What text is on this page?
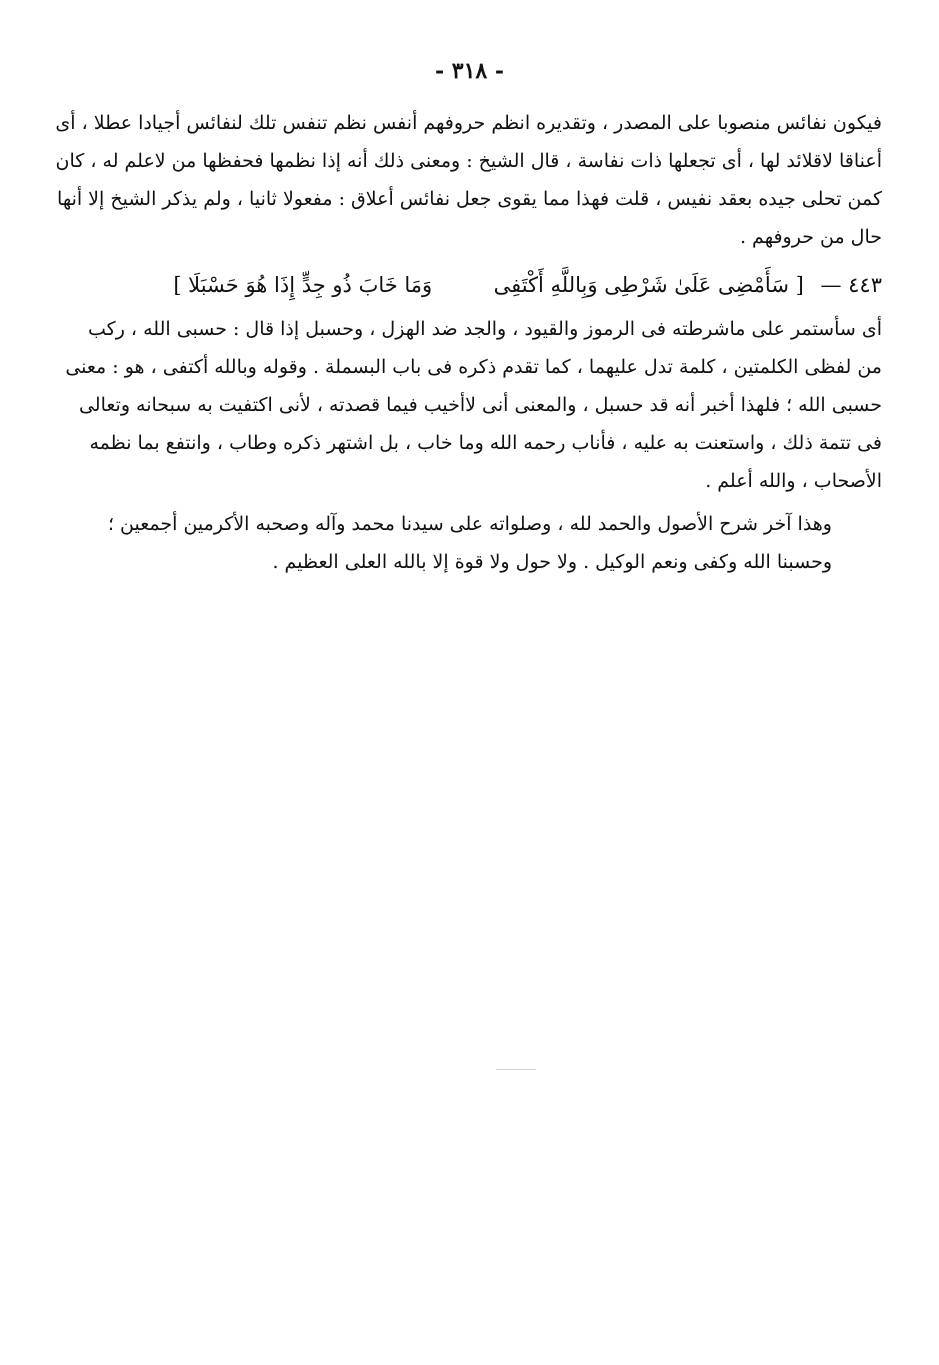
- ٣١٨ -
فيكون نفائس منصوبا على المصدر ، وتقديره انظم حروفهم أنفس نظم تنفس تلك لنفائس أجيادا عطلا ، أى
أعناقا لاقلائد لها ، أى تجعلها ذات نفاسة ، قال الشيخ : ومعنى ذلك أنه إذا نظمها فحفظها من لاعلم له ، كان
كمن تحلى جيده بعقد نفيس ، قلت فهذا مما يقوى جعل نفائس أعلاق : مفعولا ثانيا ، ولم يذكر الشيخ إلا أنها
حال من حروفهم .
٤٤٣ — [ سَأَمْضِى عَلَىٰ شَرْطِى وَبِاللَّهِ أَكْتَفِى  وَمَا خَابَ ذُو جِدٍّ إِذَا هُوَ حَسْبَلَا ]
أى سأستمر على ماشرطته فى الرموز والقيود ، والجد ضد الهزل ، وحسبل إذا قال : حسبى الله ، ركب
من لفظى الكلمتين ، كلمة تدل عليهما ، كما تقدم ذكره فى باب البسملة . وقوله وبالله أكتفى ، هو : معنى
حسبى الله ؛ فلهذا أخبر أنه قد حسبل ، والمعنى أنى لاأخيب فيما قصدته ، لأنى اكتفيت به سبحانه وتعالى
فى تتمة ذلك ، واستعنت به عليه ، فأناب رحمه الله وما خاب ، بل اشتهر ذكره وطاب ، وانتفع بما نظمه
الأصحاب ، والله أعلم .
وهذا آخر شرح الأصول والحمد لله ، وصلواته على سيدنا محمد وآله وصحبه الأكرمين أجمعين ؛
وحسبنا الله وكفى ونعم الوكيل . ولا حول ولا قوة إلا بالله العلى العظيم .
